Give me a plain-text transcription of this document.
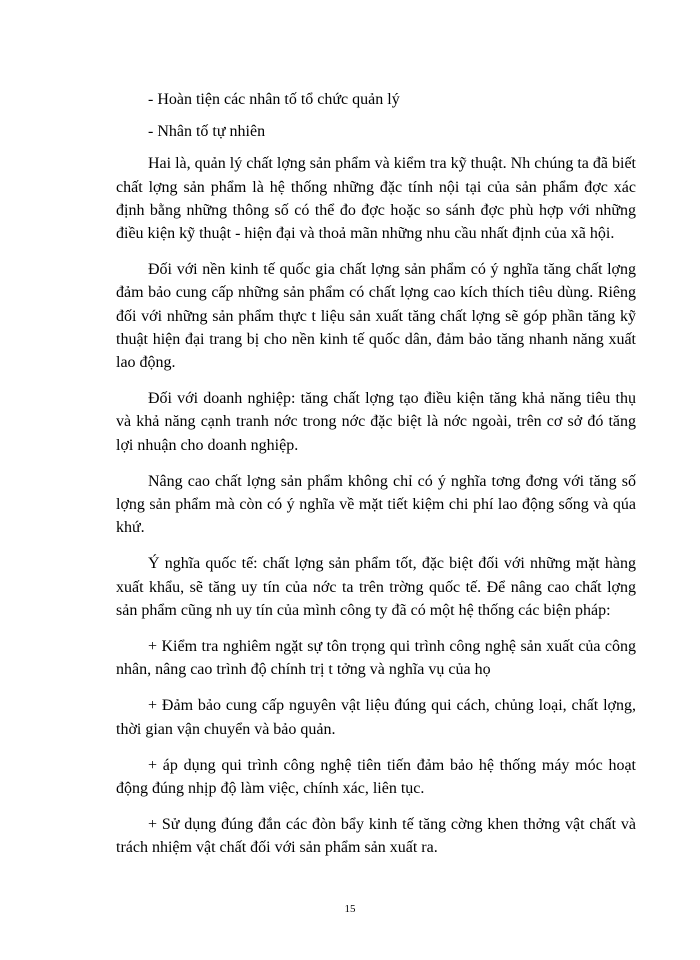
- Hoàn tiện các nhân tố tổ chức quản lý

- Nhân tố tự nhiên

Hai là, quản lý chất lợng sản phẩm và kiểm tra kỹ thuật. Nh chúng ta đã biết chất lợng sản phẩm là hệ thống những đặc tính nội tại của sản phẩm đợc xác định bằng những thông số có thể đo đợc hoặc so sánh đợc phù hợp với những điều kiện kỹ thuật - hiện đại và thoả mãn những nhu cầu nhất định của xã hội.

Đối với nền kinh tế quốc gia chất lợng sản phẩm có ý nghĩa tăng chất lợng đảm bảo cung cấp những sản phẩm có chất lợng cao kích thích tiêu dùng. Riêng đối với những sản phẩm thực t liệu sản xuất tăng chất lợng sẽ góp phần tăng kỹ thuật hiện đại trang bị cho nền kinh tế quốc dân, đảm bảo tăng nhanh năng xuất lao động.

Đối với doanh nghiệp: tăng chất lợng tạo điều kiện tăng khả năng tiêu thụ và khả năng cạnh tranh nớc trong nớc đặc biệt là nớc ngoài, trên cơ sở đó tăng lợi nhuận cho doanh nghiệp.

Nâng cao chất lợng sản phẩm không chỉ có ý nghĩa tơng đơng với tăng số lợng sản phẩm mà còn có ý nghĩa về mặt tiết kiệm chi phí lao động sống và qúa khứ.

Ý nghĩa quốc tế: chất lợng sản phẩm tốt, đặc biệt đối với những mặt hàng xuất khẩu, sẽ tăng uy tín của nớc ta trên trờng quốc tế. Để nâng cao chất lợng sản phẩm cũng nh uy tín của mình công ty đã có một hệ thống các biện pháp:

+ Kiểm tra nghiêm ngặt sự tôn trọng qui trình công nghệ sản xuất của công nhân, nâng cao trình độ chính trị t tởng và nghĩa vụ của họ

+ Đảm bảo cung cấp nguyên vật liệu đúng qui cách, chủng loại, chất lợng, thời gian vận chuyển và bảo quản.

+ áp dụng qui trình công nghệ tiên tiến đảm bảo hệ thống máy móc hoạt động đúng nhịp độ làm việc, chính xác, liên tục.

+ Sử dụng đúng đắn các đòn bẩy kinh tế tăng cờng khen thởng vật chất và trách nhiệm vật chất đối với sản phẩm sản xuất ra.

15
